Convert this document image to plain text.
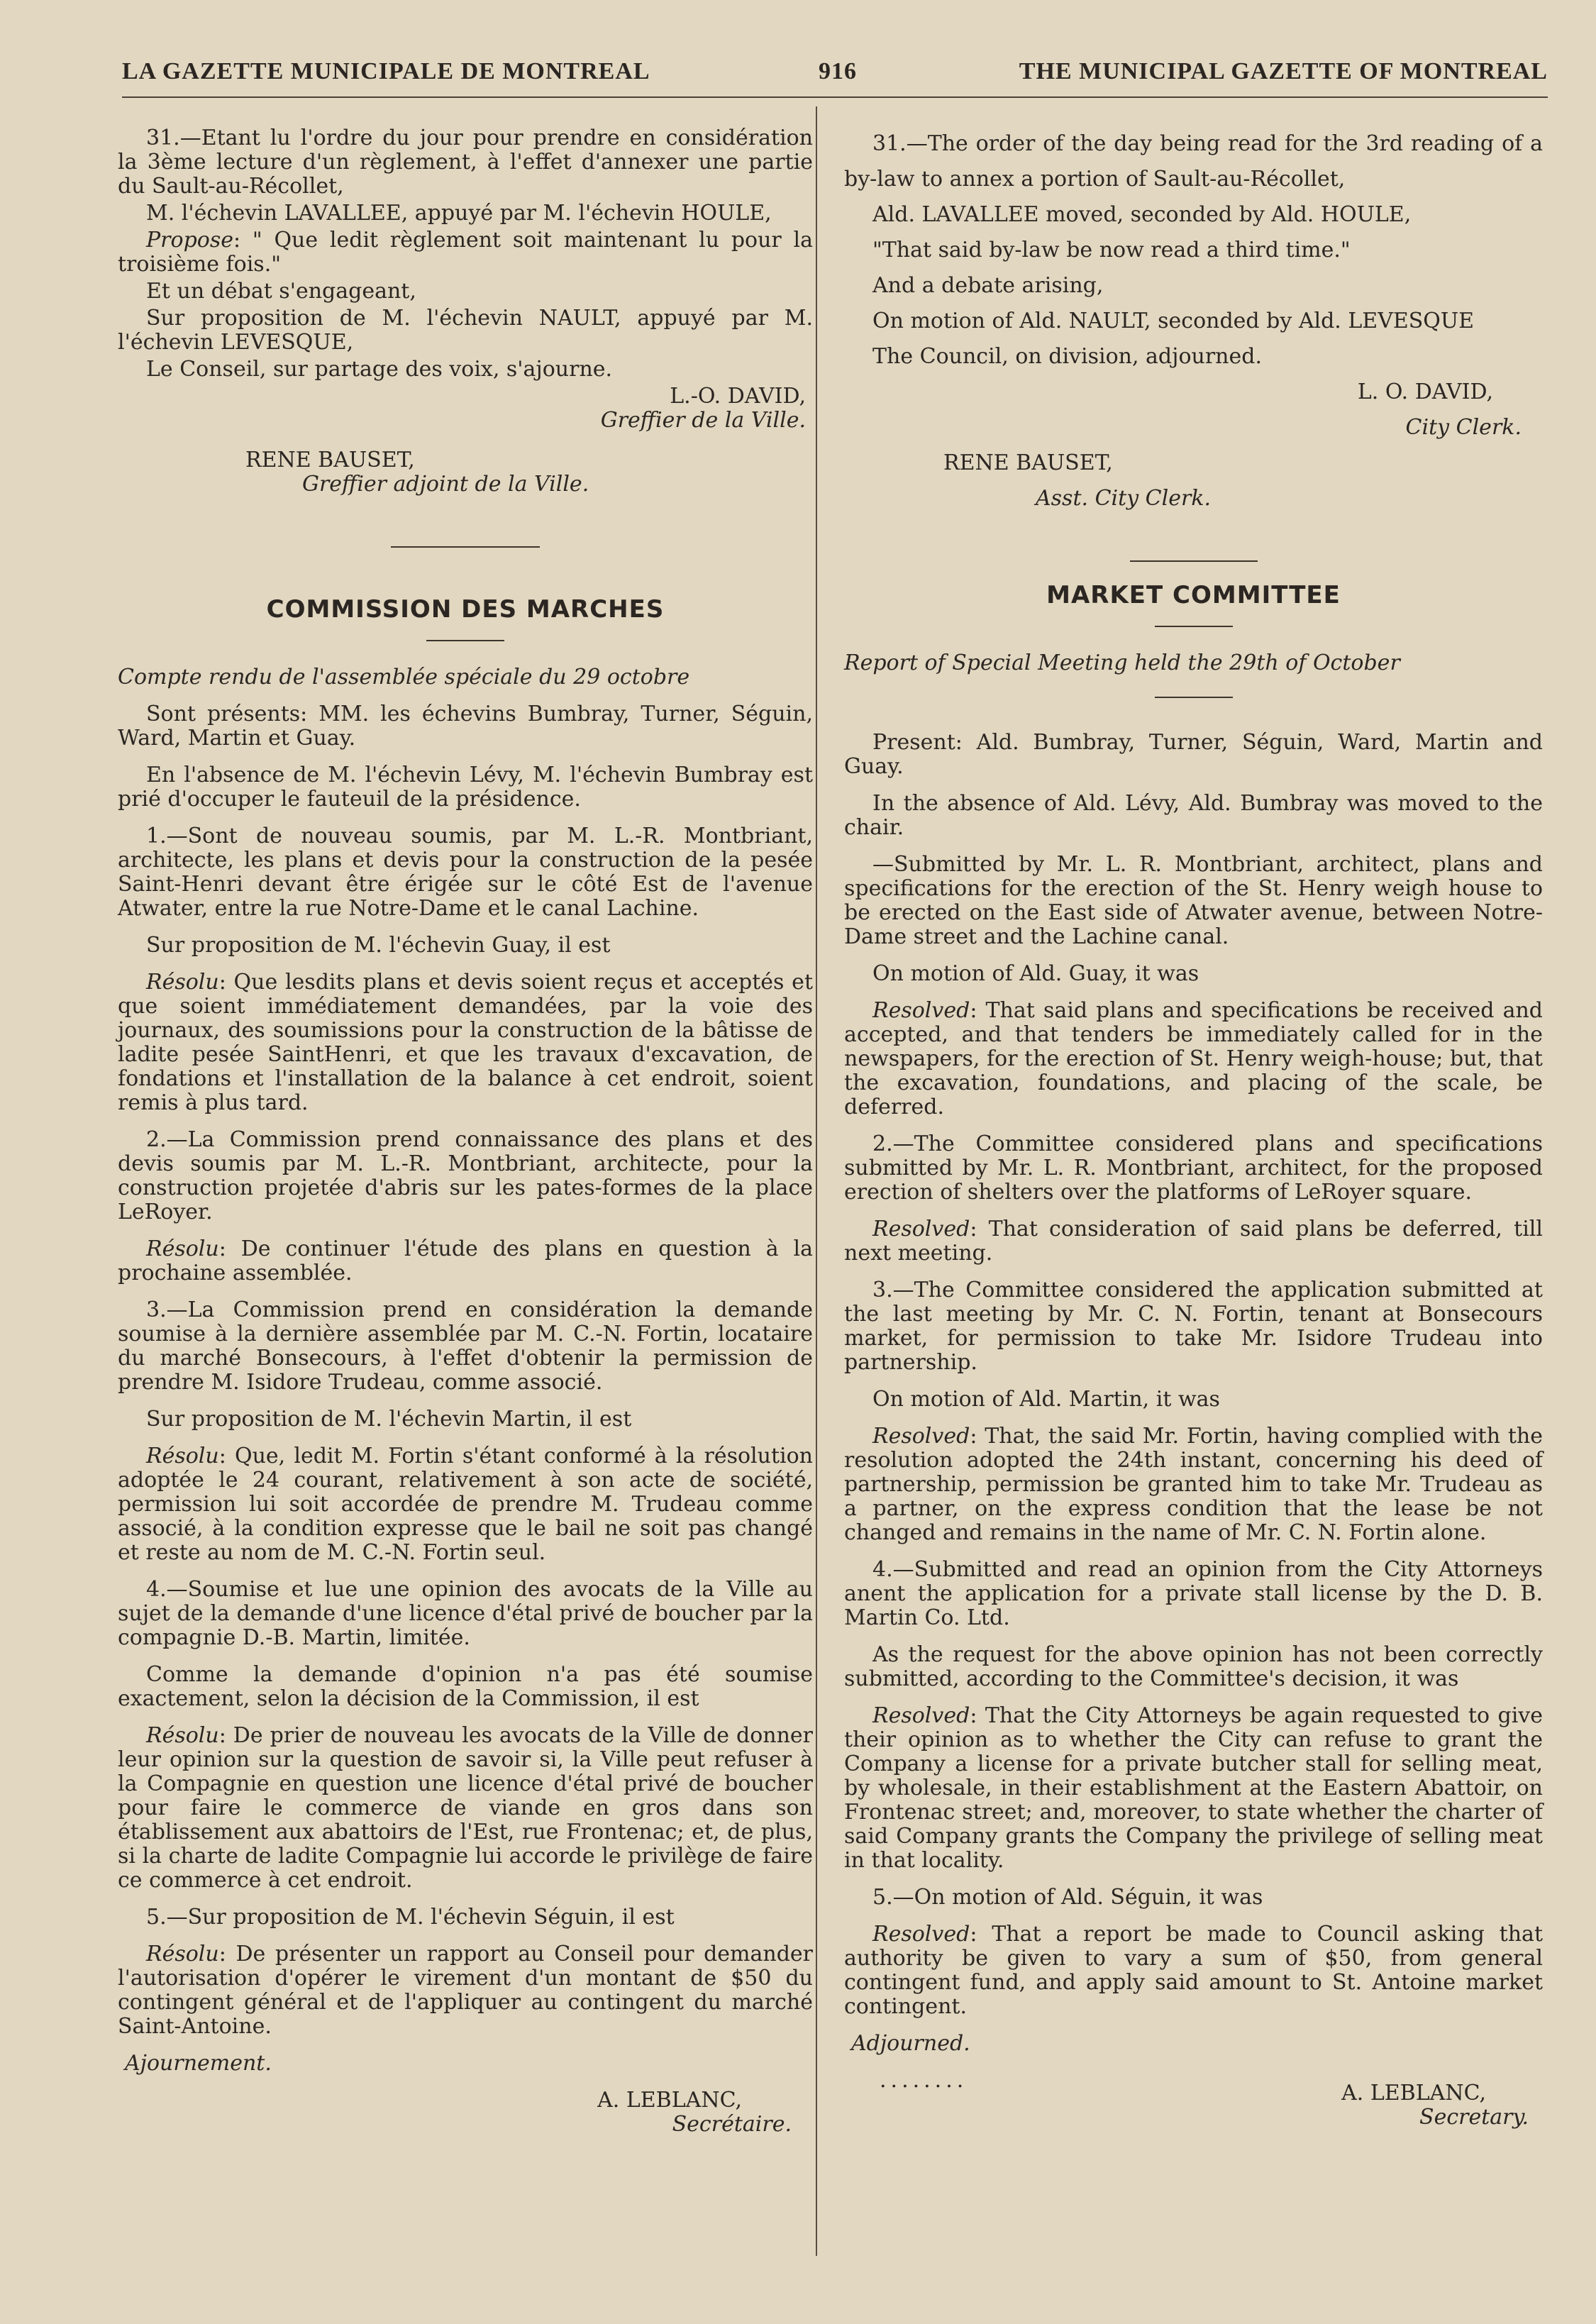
LA GAZETTE MUNICIPALE DE MONTREAL	916	THE MUNICIPAL GAZETTE OF MONTREAL

31.—Etant lu l'ordre du jour pour prendre en considération la 3ème lecture d'un règlement, à l'effet d'annexer une partie du Sault-au-Récollet,

M. l'échevin LAVALLEE, appuyé par M. l'échevin HOULE,

Propose: " Que ledit règlement soit maintenant lu pour la troisième fois."

Et un débat s'engageant,

Sur proposition de M. l'échevin NAULT, appuyé par M. l'échevin LEVESQUE,

Le Conseil, sur partage des voix, s'ajourne.

L.-O. DAVID,

Greffier de la Ville.

RENE BAUSET,

Greffier adjoint de la Ville.

COMMISSION DES MARCHES

Compte rendu de l'assemblée spéciale du 29 octobre

Sont présents: MM. les échevins Bumbray, Turner, Séguin, Ward, Martin et Guay.

En l'absence de M. l'échevin Lévy, M. l'échevin Bumbray est prié d'occuper le fauteuil de la présidence.

1.—Sont de nouveau soumis, par M. L.-R. Montbriant, architecte, les plans et devis pour la construction de la pesée Saint-Henri devant être érigée sur le côté Est de l'avenue Atwater, entre la rue Notre-Dame et le canal Lachine.

Sur proposition de M. l'échevin Guay, il est

Résolu: Que lesdits plans et devis soient reçus et acceptés et que soient immédiatement demandées, par la voie des journaux, des soumissions pour la construction de la bâtisse de ladite pesée SaintHenri, et que les travaux d'excavation, de fondations et l'installation de la balance à cet endroit, soient remis à plus tard.

2.—La Commission prend connaissance des plans et des devis soumis par M. L.-R. Montbriant, architecte, pour la construction projetée d'abris sur les pates-formes de la place LeRoyer.

Résolu: De continuer l'étude des plans en question à la prochaine assemblée.

3.—La Commission prend en considération la demande soumise à la dernière assemblée par M. C.-N. Fortin, locataire du marché Bonsecours, à l'effet d'obtenir la permission de prendre M. Isidore Trudeau, comme associé.

Sur proposition de M. l'échevin Martin, il est

Résolu: Que, ledit M. Fortin s'étant conformé à la résolution adoptée le 24 courant, relativement à son acte de société, permission lui soit accordée de prendre M. Trudeau comme associé, à la condition expresse que le bail ne soit pas changé et reste au nom de M. C.-N. Fortin seul.

4.—Soumise et lue une opinion des avocats de la Ville au sujet de la demande d'une licence d'étal privé de boucher par la compagnie D.-B. Martin, limitée.

Comme la demande d'opinion n'a pas été soumise exactement, selon la décision de la Commission, il est

Résolu: De prier de nouveau les avocats de la Ville de donner leur opinion sur la question de savoir si, la Ville peut refuser à la Compagnie en question une licence d'étal privé de boucher pour faire le commerce de viande en gros dans son établissement aux abattoirs de l'Est, rue Frontenac; et, de plus, si la charte de ladite Compagnie lui accorde le privilège de faire ce commerce à cet endroit.

5.—Sur proposition de M. l'échevin Séguin, il est

Résolu: De présenter un rapport au Conseil pour demander l'autorisation d'opérer le virement d'un montant de $50 du contingent général et de l'appliquer au contingent du marché Saint-Antoine.

Ajournement.

A. LEBLANC,

Secrétaire.

31.—The order of the day being read for the 3rd reading of a by-law to annex a portion of Sault-au-Récollet,

Ald. LAVALLEE moved, seconded by Ald. HOULE,

"That said by-law be now read a third time."

And a debate arising,

On motion of Ald. NAULT, seconded by Ald. LEVESQUE

The Council, on division, adjourned.

L. O. DAVID,

City Clerk.

RENE BAUSET,

Asst. City Clerk.

MARKET COMMITTEE

Report of Special Meeting held the 29th of October

Present: Ald. Bumbray, Turner, Séguin, Ward, Martin and Guay.

In the absence of Ald. Lévy, Ald. Bumbray was moved to the chair.

—Submitted by Mr. L. R. Montbriant, architect, plans and specifications for the erection of the St. Henry weigh house to be erected on the East side of Atwater avenue, between Notre-Dame street and the Lachine canal.

On motion of Ald. Guay, it was

Resolved: That said plans and specifications be received and accepted, and that tenders be immediately called for in the newspapers, for the erection of St. Henry weigh-house; but, that the excavation, foundations, and placing of the scale, be deferred.

2.—The Committee considered plans and specifications submitted by Mr. L. R. Montbriant, architect, for the proposed erection of shelters over the platforms of LeRoyer square.

Resolved: That consideration of said plans be deferred, till next meeting.

3.—The Committee considered the application submitted at the last meeting by Mr. C. N. Fortin, tenant at Bonsecours market, for permission to take Mr. Isidore Trudeau into partnership.

On motion of Ald. Martin, it was

Resolved: That, the said Mr. Fortin, having complied with the resolution adopted the 24th instant, concerning his deed of partnership, permission be granted him to take Mr. Trudeau as a partner, on the express condition that the lease be not changed and remains in the name of Mr. C. N. Fortin alone.

4.—Submitted and read an opinion from the City Attorneys anent the application for a private stall license by the D. B. Martin Co. Ltd.

As the request for the above opinion has not been correctly submitted, according to the Committee's decision, it was

Resolved: That the City Attorneys be again requested to give their opinion as to whether the City can refuse to grant the Company a license for a private butcher stall for selling meat, by wholesale, in their establishment at the Eastern Abattoir, on Frontenac street; and, moreover, to state whether the charter of said Company grants the Company the privilege of selling meat in that locality.

5.—On motion of Ald. Séguin, it was

Resolved: That a report be made to Council asking that authority be given to vary a sum of $50, from general contingent fund, and apply said amount to St. Antoine market contingent.

Adjourned.

........

A. LEBLANC,

Secretary.
